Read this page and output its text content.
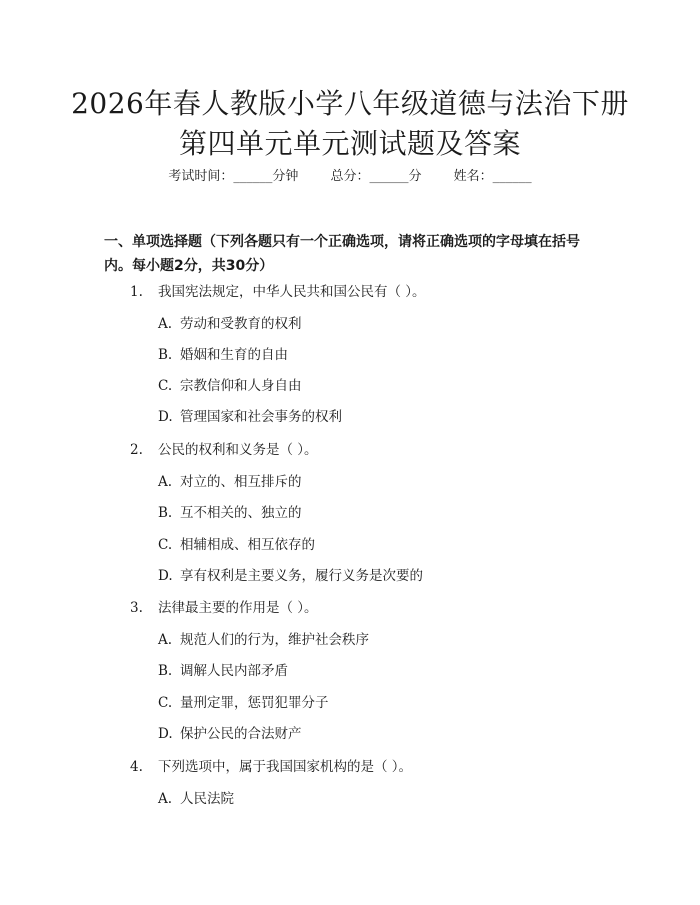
2026年春人教版小学八年级道德与法治下册
第四单元单元测试题及答案
考试时间：______分钟 总分：______分 姓名：______
一、单项选择题（下列各题只有一个正确选项，请将正确选项的字母填在括号内。每小题2分，共30分）
1. 我国宪法规定，中华人民共和国公民有（ ）。
A. 劳动和受教育的权利
B. 婚姻和生育的自由
C. 宗教信仰和人身自由
D. 管理国家和社会事务的权利
2. 公民的权利和义务是（ ）。
A. 对立的、相互排斥的
B. 互不相关的、独立的
C. 相辅相成、相互依存的
D. 享有权利是主要义务，履行义务是次要的
3. 法律最主要的作用是（ ）。
A. 规范人们的行为，维护社会秩序
B. 调解人民内部矛盾
C. 量刑定罪，惩罚犯罪分子
D. 保护公民的合法财产
4. 下列选项中，属于我国国家机构的是（ ）。
A. 人民法院
